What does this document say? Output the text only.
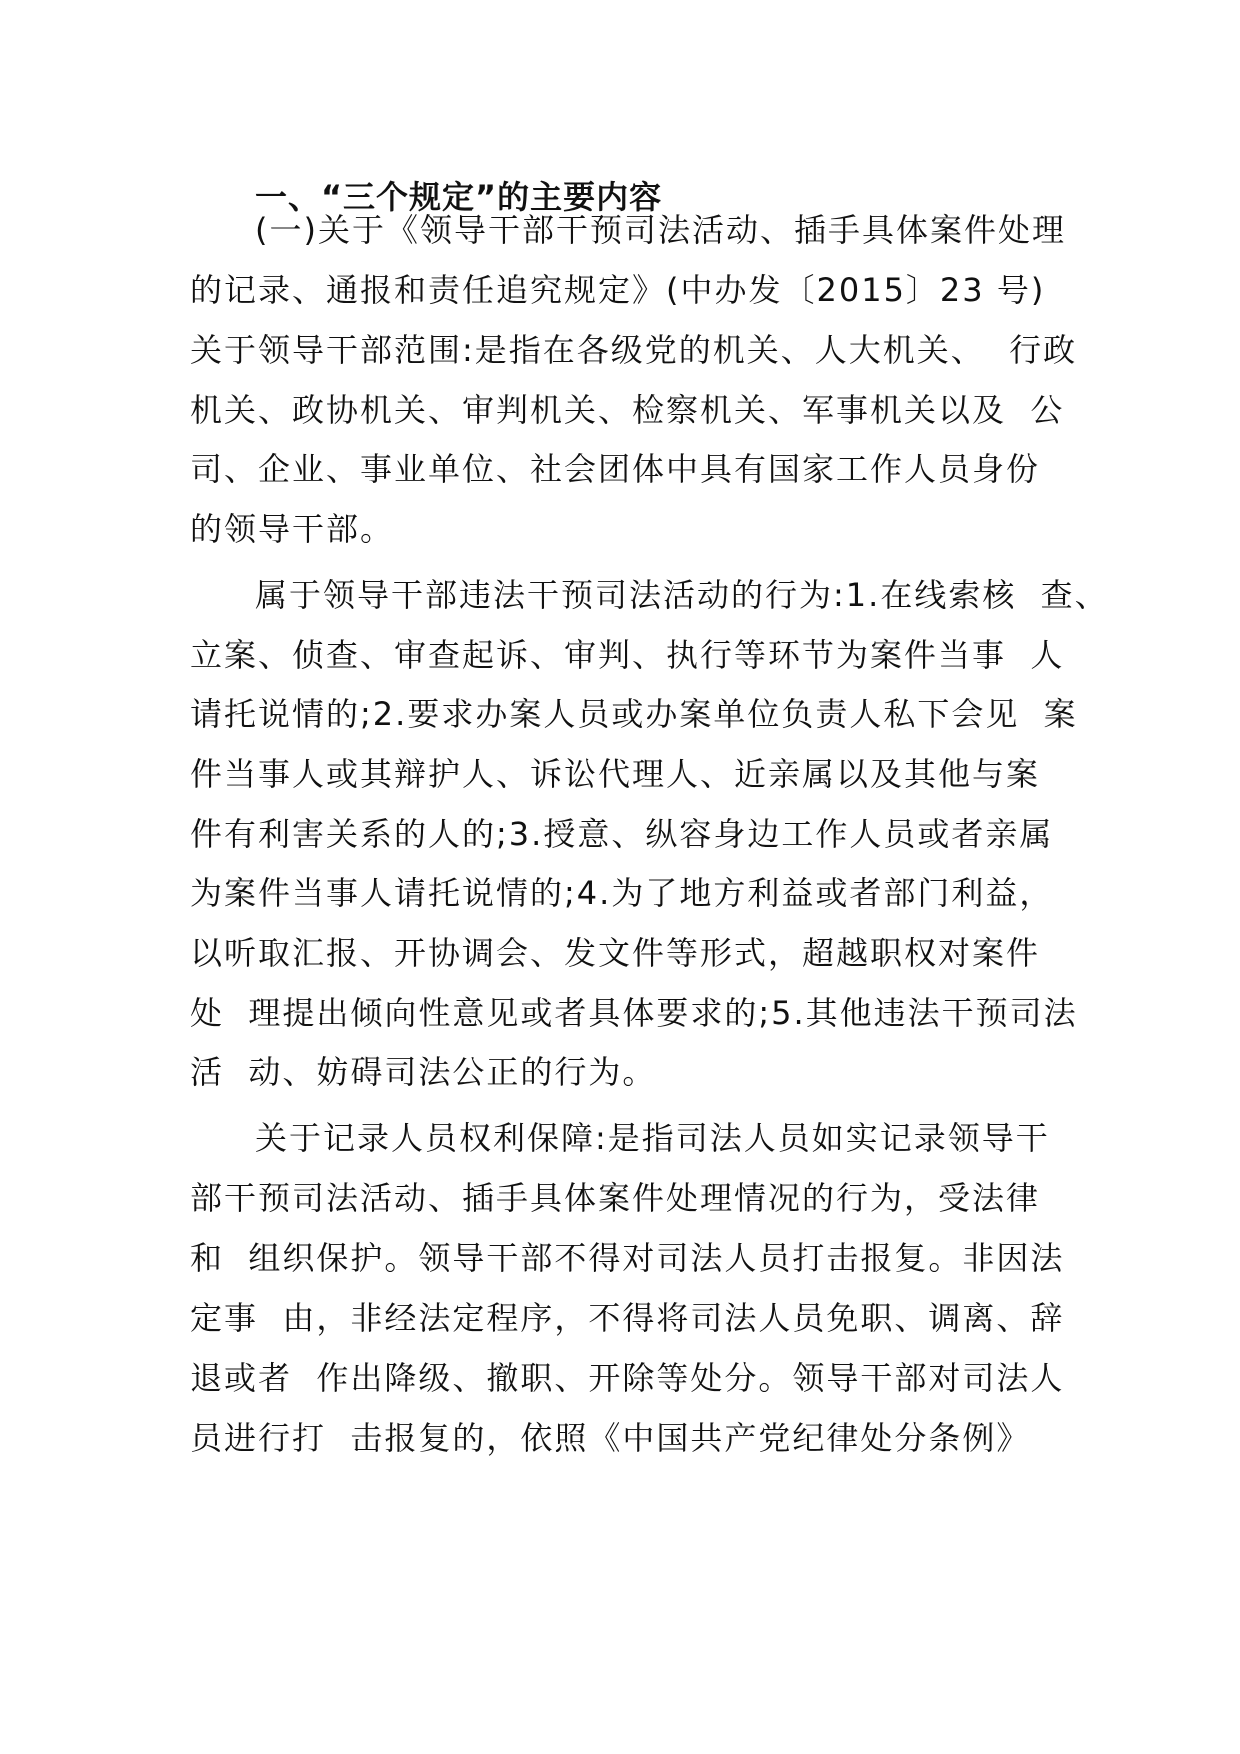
一、“三个规定”的主要内容
(一)关于《领导干部干预司法活动、插手具体案件处理
的记录、通报和责任追究规定》(中办发〔2015〕23 号)
关于领导干部范围:是指在各级党的机关、人大机关、  行政
机关、政协机关、审判机关、检察机关、军事机关以及  公
司、企业、事业单位、社会团体中具有国家工作人员身份
的领导干部。
属于领导干部违法干预司法活动的行为:1.在线索核  查、
立案、侦查、审查起诉、审判、执行等环节为案件当事  人
请托说情的;2.要求办案人员或办案单位负责人私下会见  案
件当事人或其辩护人、诉讼代理人、近亲属以及其他与案
件有利害关系的人的;3.授意、纵容身边工作人员或者亲属
为案件当事人请托说情的;4.为了地方利益或者部门利益，
以听取汇报、开协调会、发文件等形式，超越职权对案件
处  理提出倾向性意见或者具体要求的;5.其他违法干预司法
活  动、妨碍司法公正的行为。
关于记录人员权利保障:是指司法人员如实记录领导干
部干预司法活动、插手具体案件处理情况的行为，受法律
和  组织保护。领导干部不得对司法人员打击报复。非因法
定事  由，非经法定程序，不得将司法人员免职、调离、辞
退或者  作出降级、撤职、开除等处分。领导干部对司法人
员进行打  击报复的，依照《中国共产党纪律处分条例》
